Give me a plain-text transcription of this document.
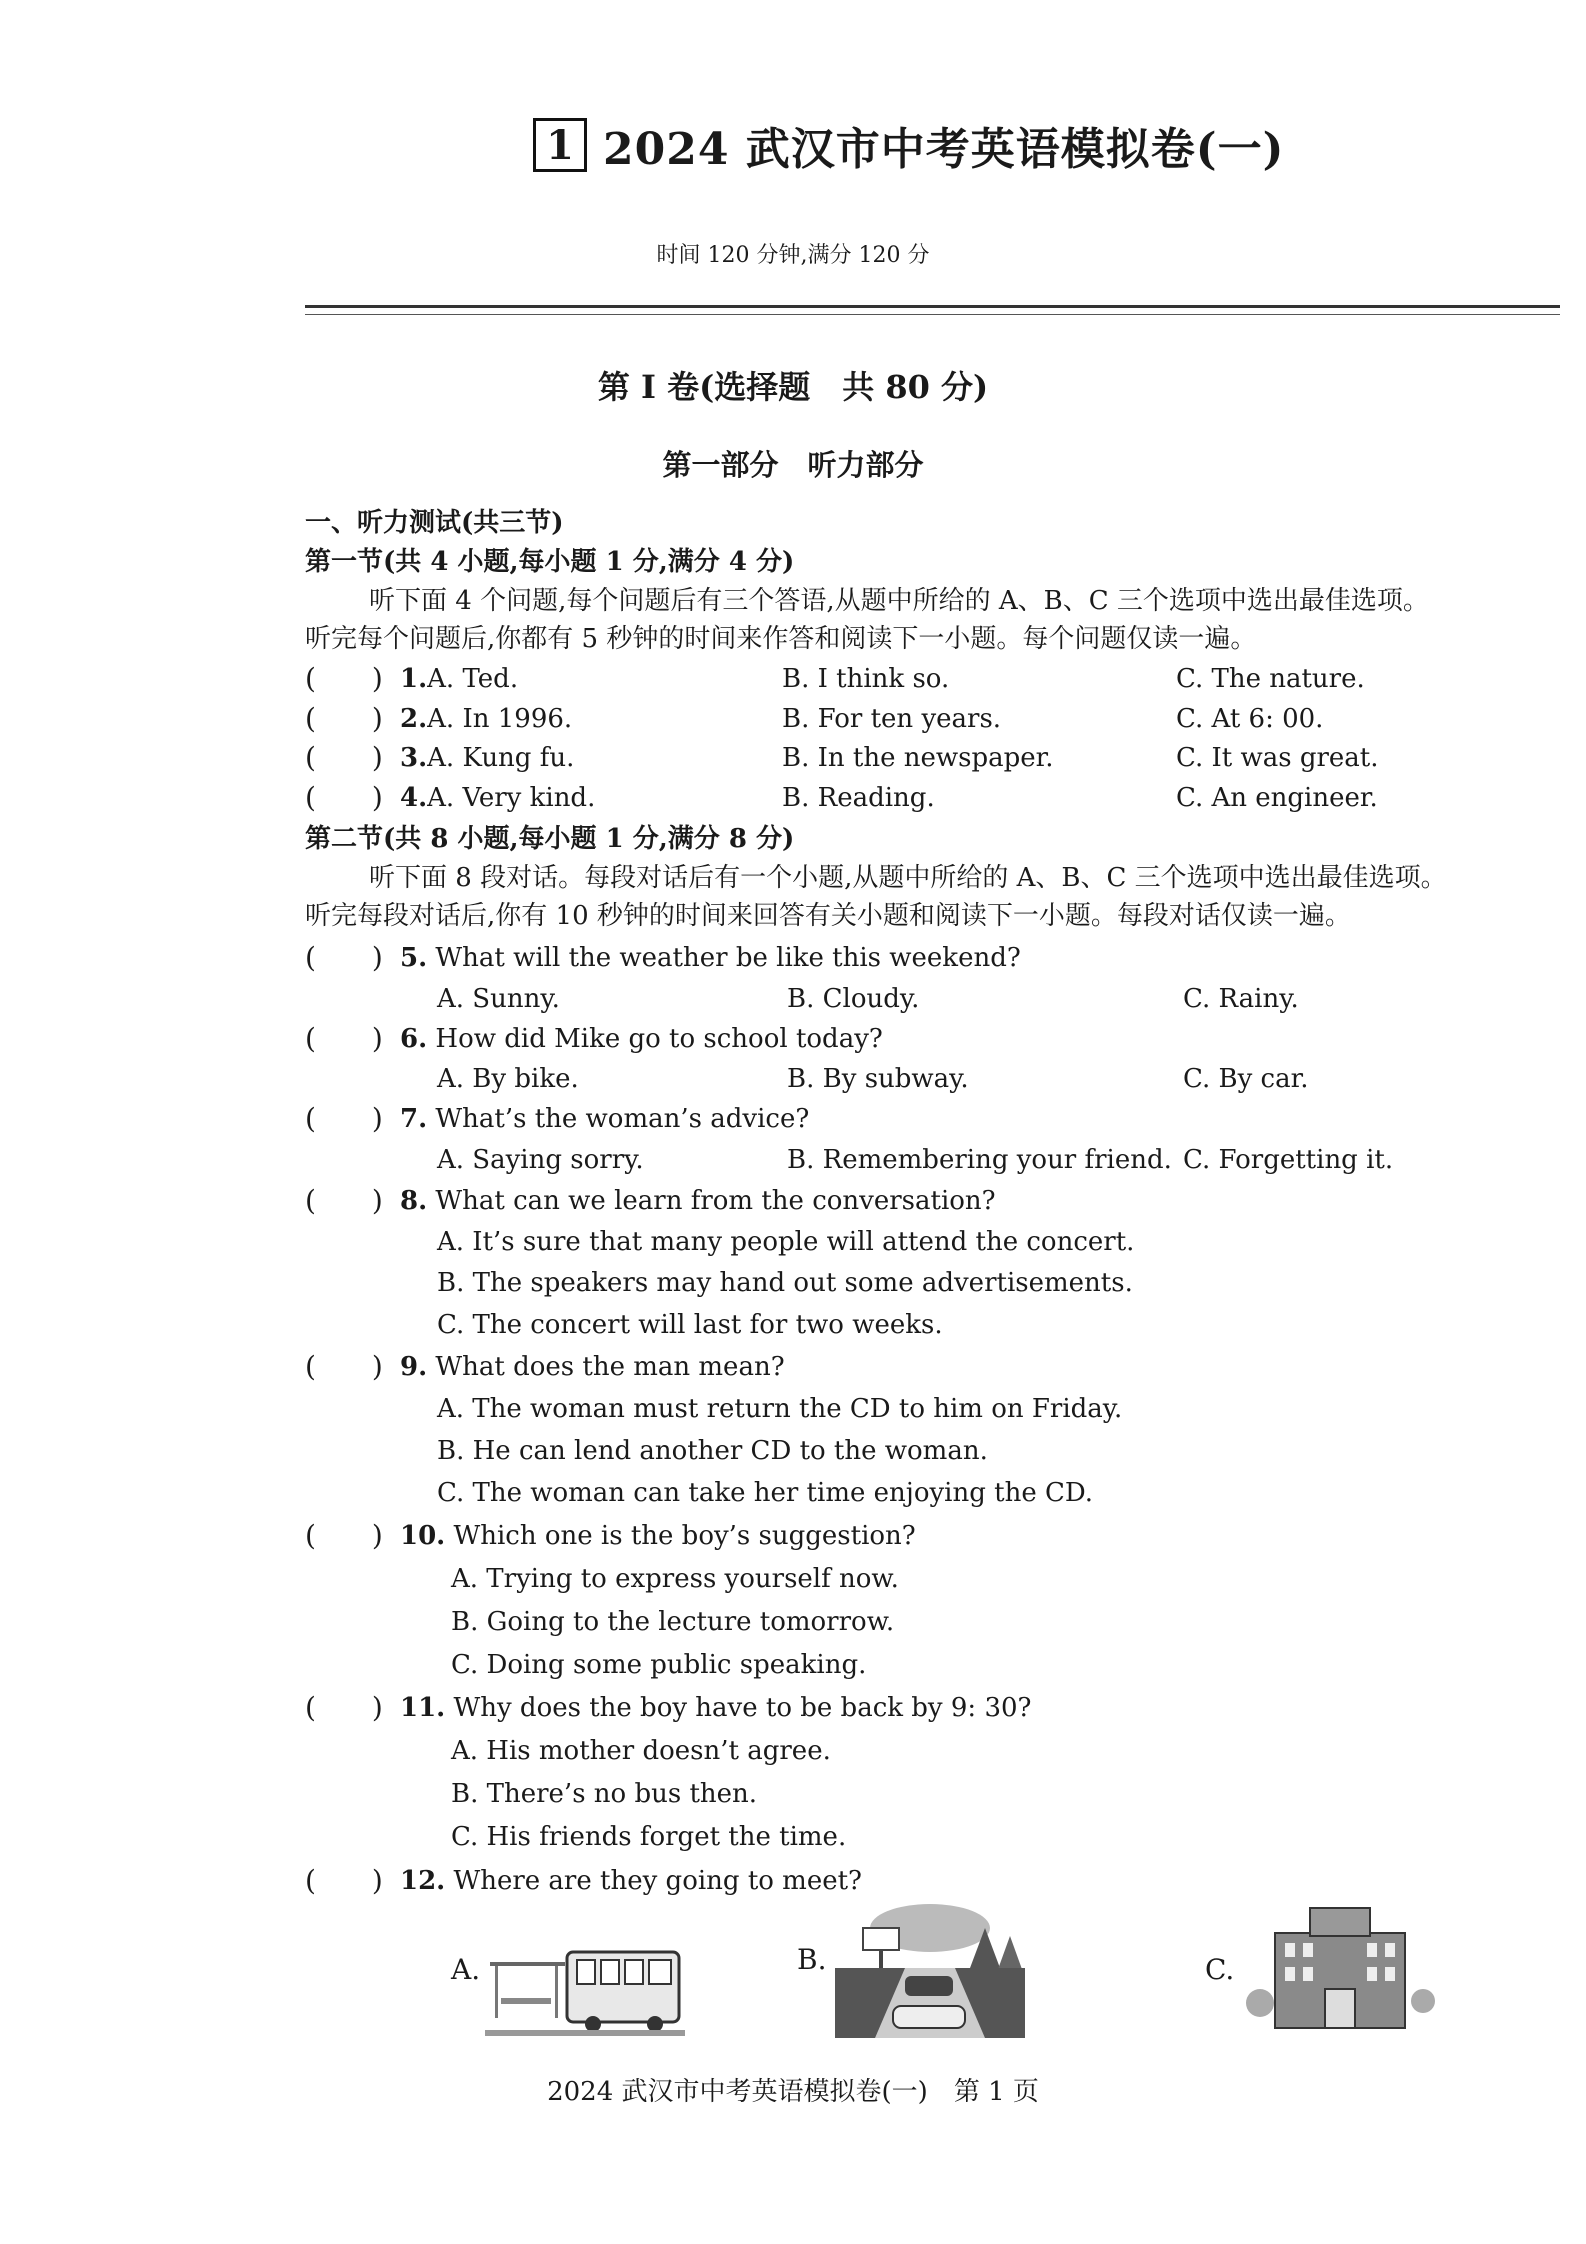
1 2024 武汉市中考英语模拟卷(一)
时间 120 分钟,满分 120 分
第 I 卷(选择题　共 80 分)
第一部分　听力部分
一、听力测试(共三节)
第一节(共 4 小题,每小题 1 分,满分 4 分)
听下面 4 个问题,每个问题后有三个答语,从题中所给的 A、B、C 三个选项中选出最佳选项。
听完每个问题后,你都有 5 秒钟的时间来作答和阅读下一小题。每个问题仅读一遍。
(　　) 1.A. Ted.	B. I think so.	C. The nature.
(　　) 2.A. In 1996.	B. For ten years.	C. At 6: 00.
(　　) 3.A. Kung fu.	B. In the newspaper.	C. It was great.
(　　) 4.A. Very kind.	B. Reading.	C. An engineer.
第二节(共 8 小题,每小题 1 分,满分 8 分)
听下面 8 段对话。每段对话后有一个小题,从题中所给的 A、B、C 三个选项中选出最佳选项。
听完每段对话后,你有 10 秒钟的时间来回答有关小题和阅读下一小题。每段对话仅读一遍。
(　　) 5. What will the weather be like this weekend?
A. Sunny.	B. Cloudy.	C. Rainy.
(　　) 6. How did Mike go to school today?
A. By bike.	B. By subway.	C. By car.
(　　) 7. What’s the woman’s advice?
A. Saying sorry.	B. Remembering your friend. C. Forgetting it.
(　　) 8. What can we learn from the conversation?
A. It’s sure that many people will attend the concert.
B. The speakers may hand out some advertisements.
C. The concert will last for two weeks.
(　　) 9. What does the man mean?
A. The woman must return the CD to him on Friday.
B. He can lend another CD to the woman.
C. The woman can take her time enjoying the CD.
(　　) 10. Which one is the boy’s suggestion?
A. Trying to express yourself now.
B. Going to the lecture tomorrow.
C. Doing some public speaking.
(　　) 11. Why does the boy have to be back by 9: 30?
A. His mother doesn’t agree.
B. There’s no bus then.
C. His friends forget the time.
(　　) 12. Where are they going to meet?
A.	B.	C.
2024 武汉市中考英语模拟卷(一)　第 1 页
